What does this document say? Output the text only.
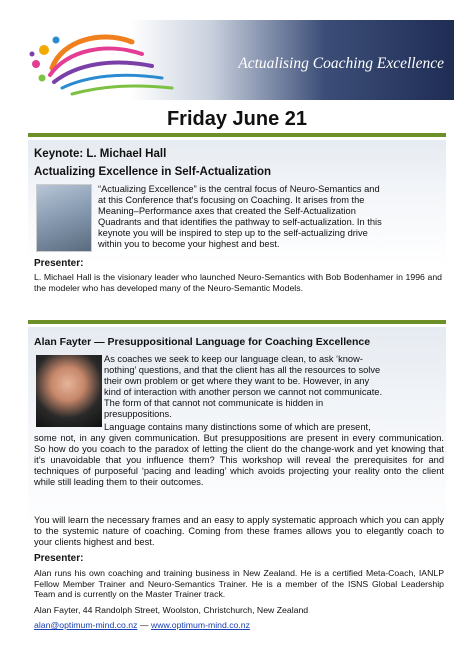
Actualising Coaching Excellence
Friday June 21
Keynote: L. Michael Hall
Actualizing Excellence in Self-Actualization
“Actualizing Excellence” is the central focus of Neuro-Semantics and
at this Conference that’s focusing on Coaching. It arises from the
Meaning–Performance axes that created the Self-Actualization
Quadrants and that identifies the pathway to self-actualization. In this
keynote you will be inspired to step up to the self-actualizing drive
within you to become your highest and best.
Presenter:
L. Michael Hall is the visionary leader who launched Neuro-Semantics with Bob Bodenhamer in 1996 and the modeler who has developed many of the Neuro-Semantic Models.
Alan Fayter — Presuppositional Language for Coaching Excellence
As coaches we seek to keep our language clean, to ask ‘know-
nothing’ questions, and that the client has all the resources to solve
their own problem or get where they want to be. However, in any
kind of interaction with another person we cannot not communicate.
The form of that cannot not communicate is hidden in
presuppositions.
Language contains many distinctions some of which are present,
some not, in any given communication. But presuppositions are present in every communication. So how do you coach to the paradox of letting the client do the change-work and yet knowing that it’s unavoidable that you influence them? This workshop will reveal the prerequisites for and techniques of purposeful ‘pacing and leading’ which avoids projecting your reality onto the client while still leading them to their outcomes.
You will learn the necessary frames and an easy to apply systematic approach which you can apply to the systemic nature of coaching. Coming from these frames allows you to elegantly coach to your clients highest and best.
Presenter:
Alan runs his own coaching and training business in New Zealand. He is a certified Meta-Coach, IANLP Fellow Member Trainer and Neuro-Semantics Trainer. He is a member of the ISNS Global Leadership Team and is currently on the Master Trainer track.
Alan Fayter, 44 Randolph Street, Woolston, Christchurch, New Zealand
alan@optimum-mind.co.nz — www.optimum-mind.co.nz
